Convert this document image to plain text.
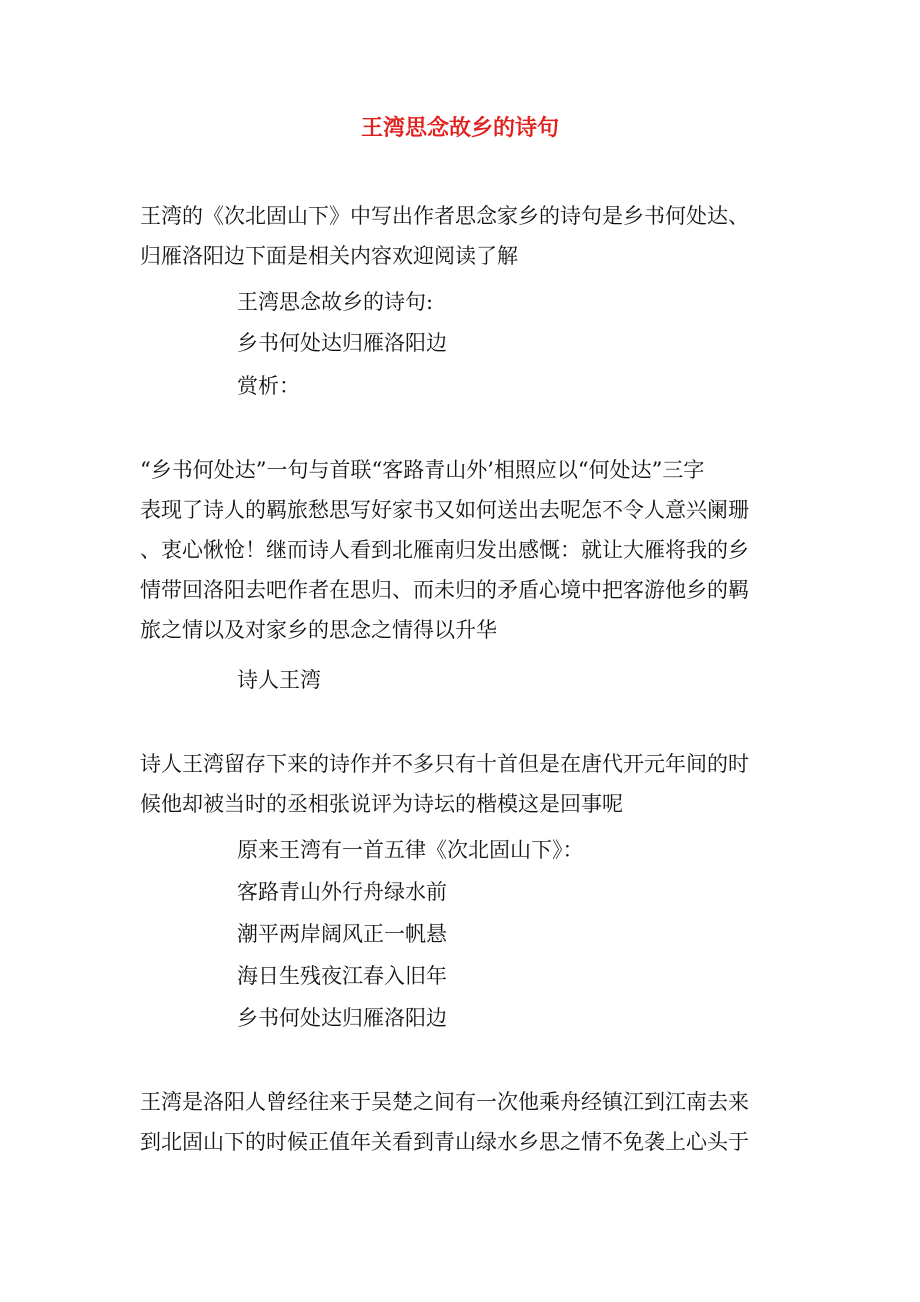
王湾思念故乡的诗句

王湾的《次北固山下》中写出作者思念家乡的诗句是乡书何处达、
归雁洛阳边下面是相关内容欢迎阅读了解

王湾思念故乡的诗句:

乡书何处达归雁洛阳边

赏析：

“乡书何处达”一句与首联“客路青山外’相照应以“何处达”三字
表现了诗人的羁旅愁思写好家书又如何送出去呢怎不令人意兴阑珊
、衷心愀怆！继而诗人看到北雁南归发出感慨：就让大雁将我的乡
情带回洛阳去吧作者在思归、而未归的矛盾心境中把客游他乡的羁
旅之情以及对家乡的思念之情得以升华

诗人王湾

诗人王湾留存下来的诗作并不多只有十首但是在唐代开元年间的时
候他却被当时的丞相张说评为诗坛的楷模这是回事呢

原来王湾有一首五律《次北固山下》：

客路青山外行舟绿水前

潮平两岸阔风正一帆悬

海日生残夜江春入旧年

乡书何处达归雁洛阳边

王湾是洛阳人曾经往来于吴楚之间有一次他乘舟经镇江到江南去来
到北固山下的时候正值年关看到青山绿水乡思之情不免袭上心头于
